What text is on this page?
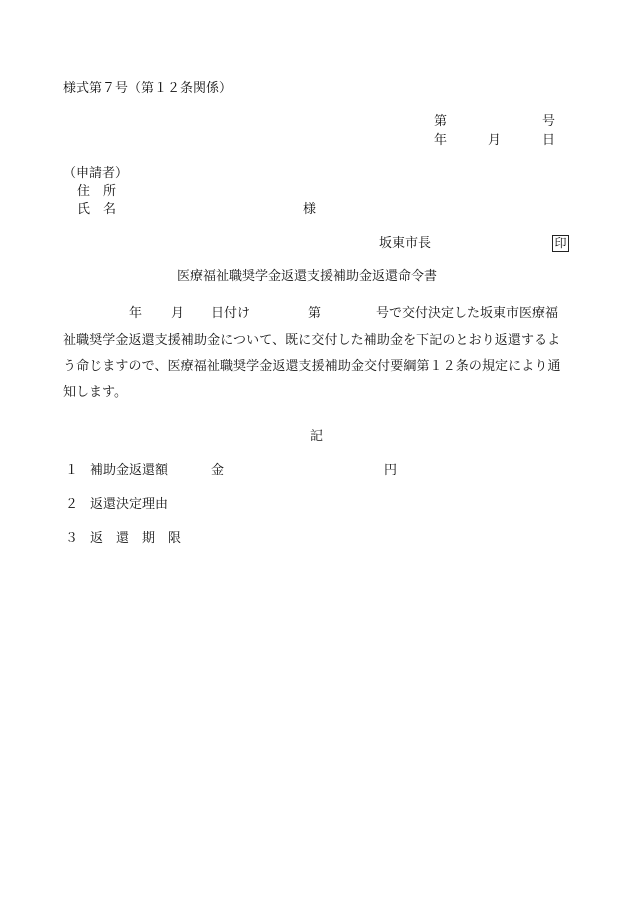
様式第７号（第１２条関係）
第	号
年	月	日
（申請者）
住　所
氏　名	様
坂東市長	印
医療福祉職奨学金返還支援補助金返還命令書
年 月 日付け	第	号で交付決定した坂東市医療福
祉職奨学金返還支援補助金について、既に交付した補助金を下記のとおり返還するよ
う命じますので、医療福祉職奨学金返還支援補助金交付要綱第１２条の規定により通
知します。
記
１ 補助金返還額	金	円
２ 返還決定理由
３ 返　還　期　限
